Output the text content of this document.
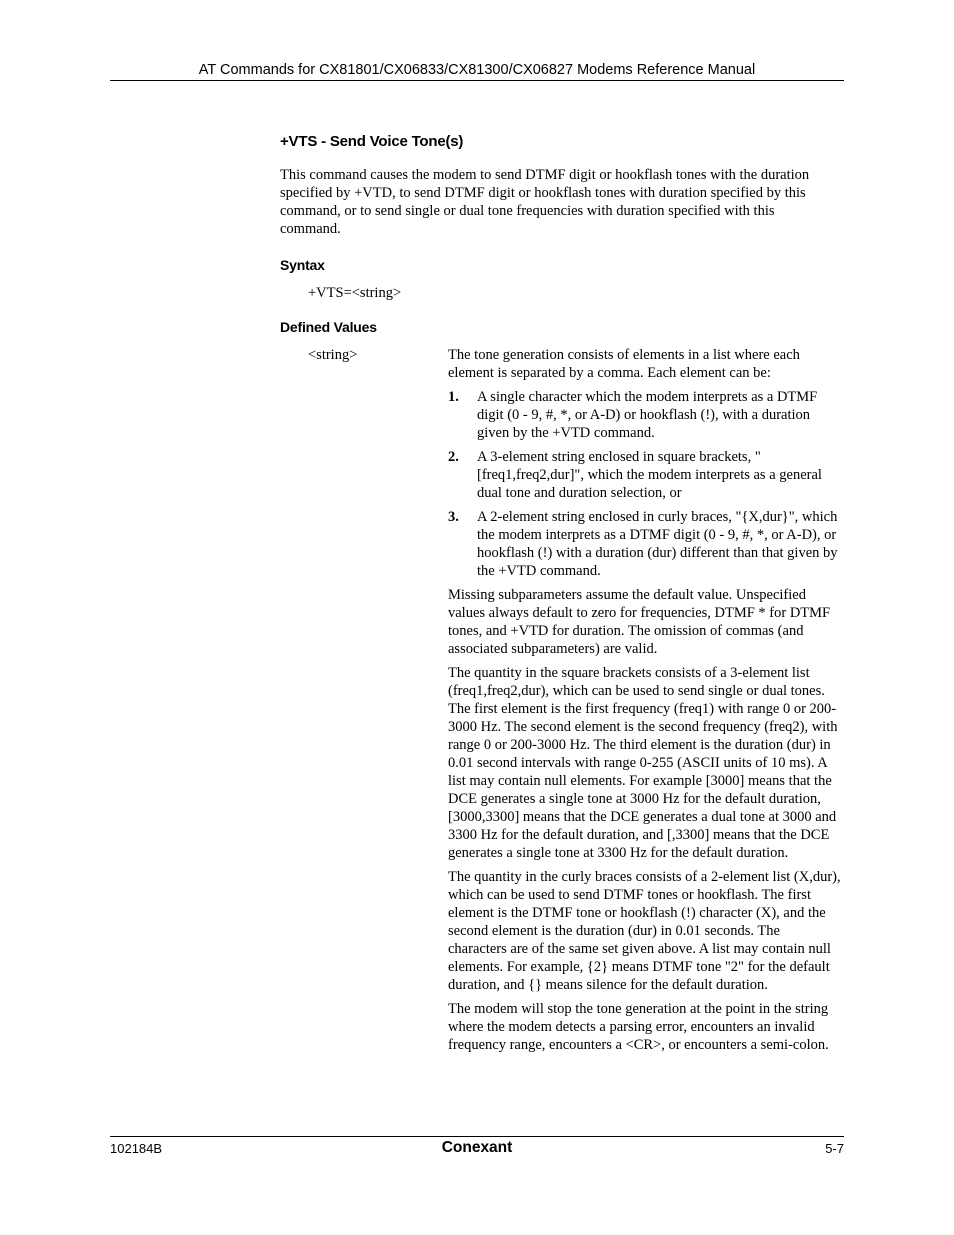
AT Commands for CX81801/CX06833/CX81300/CX06827 Modems Reference Manual
+VTS - Send Voice Tone(s)

This command causes the modem to send DTMF digit or hookflash tones with the duration specified by +VTD, to send DTMF digit or hookflash tones with duration specified by this command, or to send single or dual tone frequencies with duration specified with this command.

Syntax
+VTS=<string>
Defined Values
<string>	The tone generation consists of elements in a list where each element is separated by a comma. Each element can be:

1. A single character which the modem interprets as a DTMF digit (0 - 9, #, *, or A-D) or hookflash (!), with a duration given by the +VTD command.
2. A 3-element string enclosed in square brackets, "[freq1,freq2,dur]", which the modem interprets as a general dual tone and duration selection, or
3. A 2-element string enclosed in curly braces, "{X,dur}", which the modem interprets as a DTMF digit (0 - 9, #, *, or A-D), or hookflash (!) with a duration (dur) different than that given by the +VTD command.

Missing subparameters assume the default value. Unspecified values always default to zero for frequencies, DTMF * for DTMF tones, and +VTD for duration. The omission of commas (and associated subparameters) are valid.

The quantity in the square brackets consists of a 3-element list (freq1,freq2,dur), which can be used to send single or dual tones. The first element is the first frequency (freq1) with range 0 or 200-3000 Hz. The second element is the second frequency (freq2), with range 0 or 200-3000 Hz. The third element is the duration (dur) in 0.01 second intervals with range 0-255 (ASCII units of 10 ms). A list may contain null elements. For example [3000] means that the DCE generates a single tone at 3000 Hz for the default duration, [3000,3300] means that the DCE generates a dual tone at 3000 and 3300 Hz for the default duration, and [,3300] means that the DCE generates a single tone at 3300 Hz for the default duration.

The quantity in the curly braces consists of a 2-element list (X,dur), which can be used to send DTMF tones or hookflash. The first element is the DTMF tone or hookflash (!) character (X), and the second element is the duration (dur) in 0.01 seconds. The characters are of the same set given above. A list may contain null elements. For example, {2} means DTMF tone "2" for the default duration, and {} means silence for the default duration.

The modem will stop the tone generation at the point in the string where the modem detects a parsing error, encounters an invalid frequency range, encounters a <CR>, or encounters a semi-colon.

102184B	Conexant	5-7
